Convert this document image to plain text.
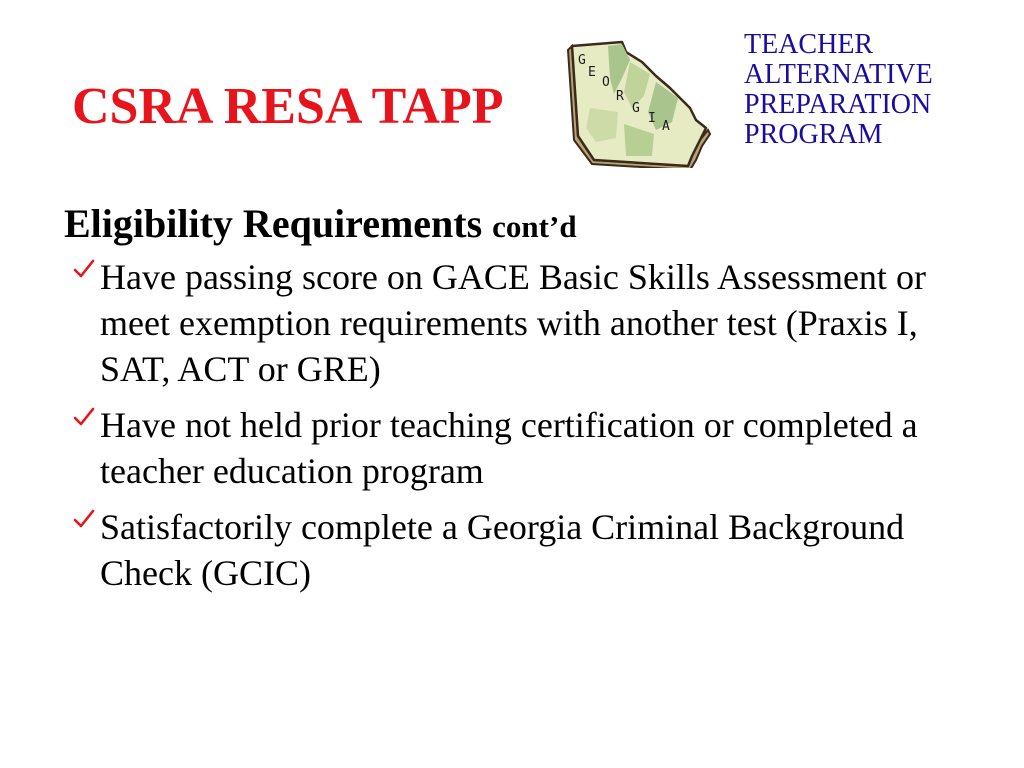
CSRA RESA TAPP
G
E
O
R
G
I
A
TEACHER
ALTERNATIVE
PREPARATION
PROGRAM
Eligibility Requirements cont’d
Have passing score on GACE Basic Skills Assessment or meet exemption requirements with another test (Praxis I, SAT, ACT or GRE)
Have not held prior teaching certification or completed a teacher education program
Satisfactorily complete a Georgia Criminal Background Check (GCIC)
